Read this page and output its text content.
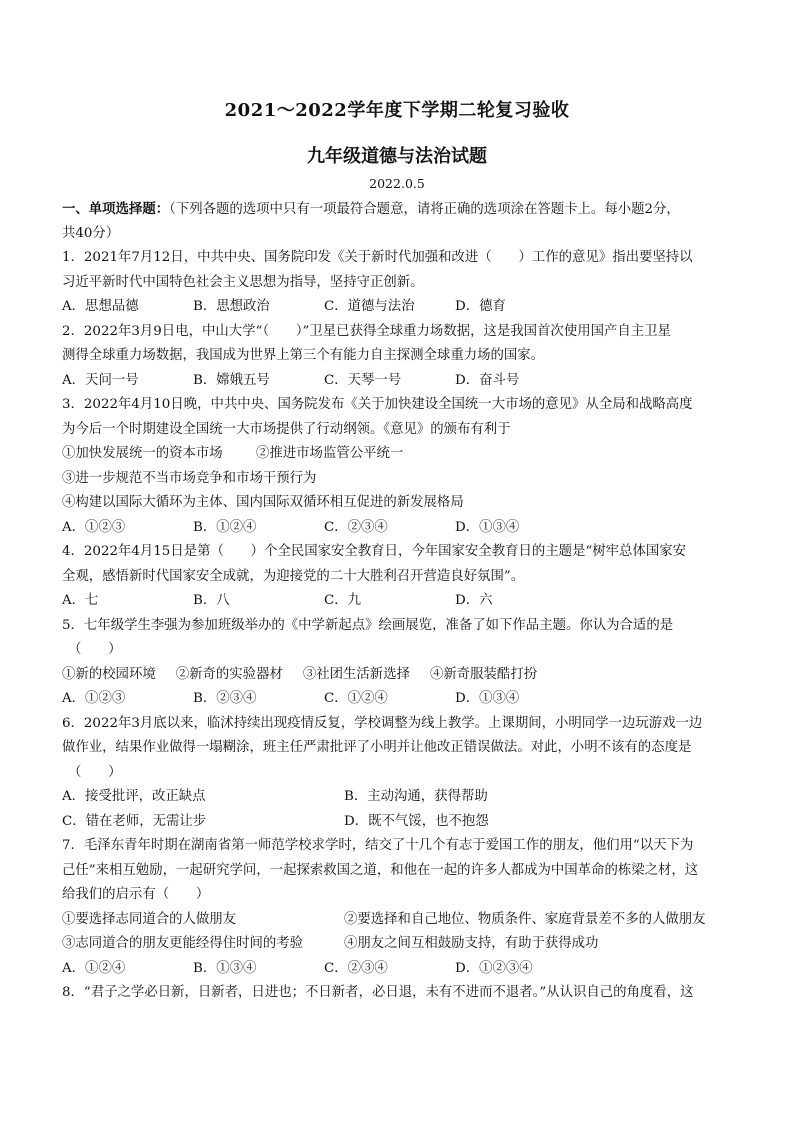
2021～2022学年度下学期二轮复习验收
九年级道德与法治试题
2022.0.5
一、单项选择题：（下列各题的选项中只有一项最符合题意，请将正确的选项涂在答题卡上。每小题2分，
共40分）
1．2021年7月12日，中共中央、国务院印发《关于新时代加强和改进（　　）工作的意见》指出要坚持以
习近平新时代中国特色社会主义思想为指导，坚持守正创新。
A．思想品德	B．思想政治	C．道德与法治	D．德育
2．2022年3月9日电，中山大学“（　　）”卫星已获得全球重力场数据，这是我国首次使用国产自主卫星
测得全球重力场数据，我国成为世界上第三个有能力自主探测全球重力场的国家。
A．天问一号	B．嫦娥五号	C．天琴一号	D．奋斗号
3．2022年4月10日晚，中共中央、国务院发布《关于加快建设全国统一大市场的意见》从全局和战略高度
为今后一个时期建设全国统一大市场提供了行动纲领。《意见》的颁布有利于
①加快发展统一的资本市场	②推进市场监管公平统一
③进一步规范不当市场竞争和市场干预行为
④构建以国际大循环为主体、国内国际双循环相互促进的新发展格局
A．①②③	B．①②④	C．②③④	D．①③④
4．2022年4月15日是第（　　）个全民国家安全教育日，今年国家安全教育日的主题是“树牢总体国家安
全观，感悟新时代国家安全成就，为迎接党的二十大胜利召开营造良好氛围”。
A．七	B．八	C．九	D．六
5．七年级学生李强为参加班级举办的《中学新起点》绘画展览，准备了如下作品主题。你认为合适的是
（　　）
①新的校园环境 ②新奇的实验器材 ③社团生活新选择 ④新奇服装酷打扮
A．①②③	B．②③④	C．①②④	D．①③④
6．2022年3月底以来，临沭持续出现疫情反复，学校调整为线上教学。上课期间，小明同学一边玩游戏一边
做作业，结果作业做得一塌糊涂，班主任严肃批评了小明并让他改正错误做法。对此，小明不该有的态度是
（　　）
A．接受批评，改正缺点	B．主动沟通，获得帮助
C．错在老师，无需让步	D．既不气馁，也不抱怨
7．毛泽东青年时期在湖南省第一师范学校求学时，结交了十几个有志于爱国工作的朋友，他们用“以天下为
己任”来相互勉励，一起研究学问，一起探索救国之道，和他在一起的许多人都成为中国革命的栋梁之材，这
给我们的启示有（　　）
①要选择志同道合的人做朋友	②要选择和自己地位、物质条件、家庭背景差不多的人做朋友
③志同道合的朋友更能经得住时间的考验	④朋友之间互相鼓励支持，有助于获得成功
A．①②④	B．①③④	C．②③④	D．①②③④
8．“君子之学必日新，日新者，日进也；不日新者，必日退，未有不进而不退者。”从认识自己的角度看，这
